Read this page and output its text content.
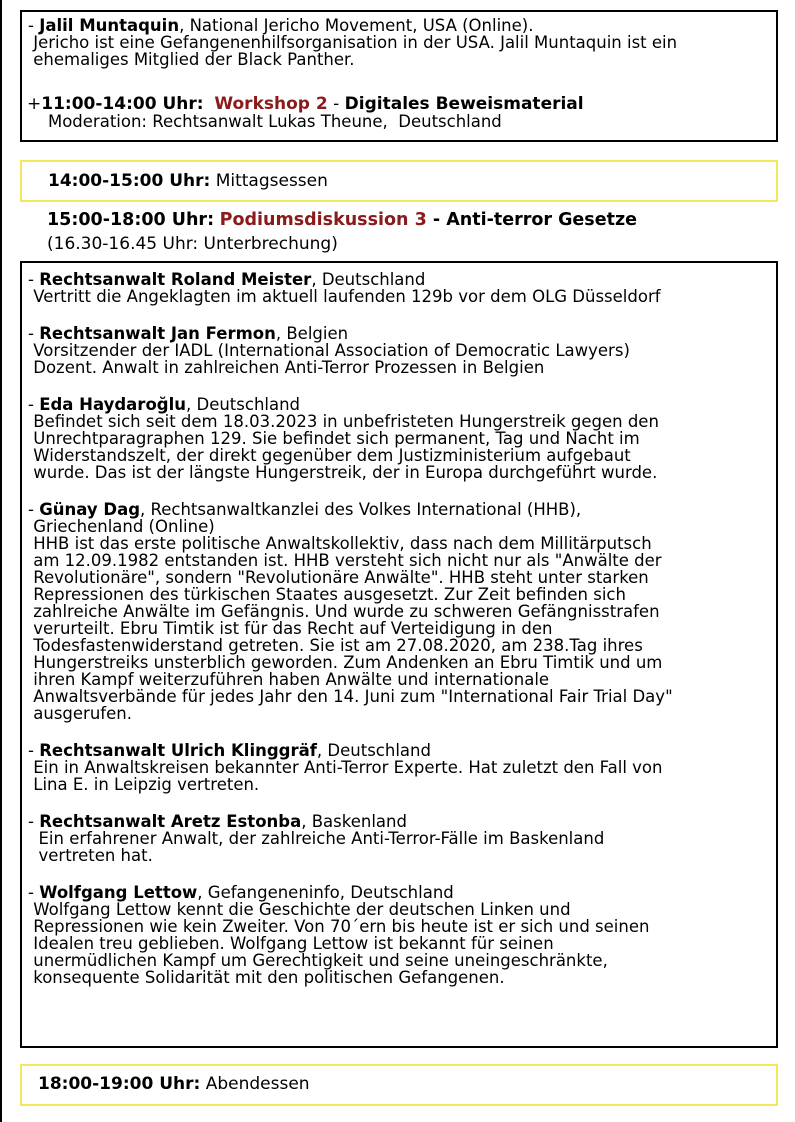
- Jalil Muntaquin, National Jericho Movement, USA (Online).
Jericho ist eine Gefangenenhilfsorganisation in der USA. Jalil Muntaquin ist ein
ehemaliges Mitglied der Black Panther.
+11:00-14:00 Uhr: Workshop 2 - Digitales Beweismaterial
Moderation: Rechtsanwalt Lukas Theune,  Deutschland
14:00-15:00 Uhr: Mittagsessen
15:00-18:00 Uhr: Podiumsdiskussion 3 - Anti-terror Gesetze
(16.30-16.45 Uhr: Unterbrechung)
- Rechtsanwalt Roland Meister, Deutschland
Vertritt die Angeklagten im aktuell laufenden 129b vor dem OLG Düsseldorf
- Rechtsanwalt Jan Fermon, Belgien
Vorsitzender der IADL (International Association of Democratic Lawyers)
Dozent. Anwalt in zahlreichen Anti-Terror Prozessen in Belgien
- Eda Haydaroğlu, Deutschland
Befindet sich seit dem 18.03.2023 in unbefristeten Hungerstreik gegen den
Unrechtparagraphen 129. Sie befindet sich permanent, Tag und Nacht im
Widerstandszelt, der direkt gegenüber dem Justizministerium aufgebaut
wurde. Das ist der längste Hungerstreik, der in Europa durchgeführt wurde.
- Günay Dag, Rechtsanwaltkanzlei des Volkes International (HHB),
Griechenland (Online)
HHB ist das erste politische Anwaltskollektiv, dass nach dem Millitärputsch
am 12.09.1982 entstanden ist. HHB versteht sich nicht nur als "Anwälte der
Revolutionäre", sondern "Revolutionäre Anwälte". HHB steht unter starken
Repressionen des türkischen Staates ausgesetzt. Zur Zeit befinden sich
zahlreiche Anwälte im Gefängnis. Und wurde zu schweren Gefängnisstrafen
verurteilt. Ebru Timtik ist für das Recht auf Verteidigung in den
Todesfastenwiderstand getreten. Sie ist am 27.08.2020, am 238.Tag ihres
Hungerstreiks unsterblich geworden. Zum Andenken an Ebru Timtik und um
ihren Kampf weiterzuführen haben Anwälte und internationale
Anwaltsverbände für jedes Jahr den 14. Juni zum "International Fair Trial Day"
ausgerufen.
- Rechtsanwalt Ulrich Klinggräf, Deutschland
Ein in Anwaltskreisen bekannter Anti-Terror Experte. Hat zuletzt den Fall von
Lina E. in Leipzig vertreten.
- Rechtsanwalt Aretz Estonba, Baskenland
Ein erfahrener Anwalt, der zahlreiche Anti-Terror-Fälle im Baskenland
vertreten hat.
- Wolfgang Lettow, Gefangeneninfo, Deutschland
Wolfgang Lettow kennt die Geschichte der deutschen Linken und
Repressionen wie kein Zweiter. Von 70´ern bis heute ist er sich und seinen
Idealen treu geblieben. Wolfgang Lettow ist bekannt für seinen
unermüdlichen Kampf um Gerechtigkeit und seine uneingeschränkte,
konsequente Solidarität mit den politischen Gefangenen.
18:00-19:00 Uhr: Abendessen
